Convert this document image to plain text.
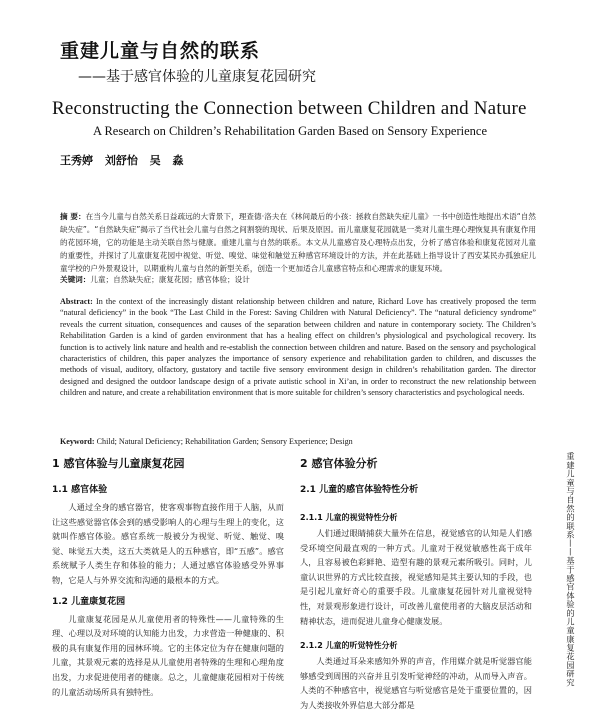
重建儿童与自然的联系
——基于感官体验的儿童康复花园研究
Reconstructing the Connection between Children and Nature
A Research on Children’s Rehabilitation Garden Based on Sensory Experience
王秀婷 刘舒怡 吴 淼
摘 要：在当今儿童与自然关系日益疏远的大背景下，理查德·洛夫在《林间最后的小孩：拯救自然缺失症儿童》一书中创造性地提出术语“自然缺失症”。“自然缺失症”揭示了当代社会儿童与自然之间割裂的现状、后果及原因。而儿童康复花园就是一类对儿童生理心理恢复具有康复作用的花园环境，它的功能是主动关联自然与健康。重建儿童与自然的联系。本文从儿童感官及心理特点出发，分析了感官体验和康复花园对儿童的重要性，并探讨了儿童康复花园中视觉、听觉、嗅觉、味觉和触觉五种感官环境设计的方法，并在此基础上指导设计了西安某民办孤独症儿童学校的户外景观设计，以期重构儿童与自然的新型关系，创造一个更加适合儿童感官特点和心理需求的康复环境。
关键词：儿童；自然缺失症；康复花园；感官体验；设计
Abstract: In the context of the increasingly distant relationship between children and nature, Richard Love has creatively proposed the term “natural deficiency” in the book “The Last Child in the Forest: Saving Children with Natural Deficiency”. The “natural deficiency syndrome” reveals the current situation, consequences and causes of the separation between children and nature in contemporary society. The Children’s Rehabilitation Garden is a kind of garden environment that has a healing effect on children’s physiological and psychological recovery. Its function is to actively link nature and health and re-establish the connection between children and nature. Based on the sensory and psychological characteristics of children, this paper analyzes the importance of sensory experience and rehabilitation garden to children, and discusses the methods of visual, auditory, olfactory, gustatory and tactile five sensory environment design in children’s rehabilitation garden. The director designed and designed the outdoor landscape design of a private autistic school in Xi’an, in order to reconstruct the new relationship between children and nature, and create a rehabilitation environment that is more suitable for children’s sensory characteristics and psychological needs.
Keyword: Child; Natural Deficiency; Rehabilitation Garden; Sensory Experience; Design
1 感官体验与儿童康复花园
1.1 感官体验

人通过全身的感官器官，使客观事物直接作用于人脑，从而让这些感觉器官体会到的感受影响人的心理与生理上的变化，这就叫作感官体验。感官系统一般被分为视觉、听觉、触觉、嗅觉、味觉五大类，这五大类就是人的五种感官，即“五感”。感官系统赋予人类生存和体验的能力；人通过感官体验感受外界事物，它是人与外界交流和沟通的最根本的方式。

1.2 儿童康复花园

儿童康复花园是从儿童使用者的特殊性——儿童特殊的生理、心理以及对环境的认知能力出发，力求营造一种健康的、积极的具有康复作用的园林环境。它的主体定位为存在健康问题的儿童，其景观元素的选择是从儿童使用者特殊的生理和心理角度出发，力求促进使用者的健康。总之，儿童健康花园相对于传统的儿童活动场所具有独特性。

2 感官体验分析
2.1 儿童的感官体验特性分析
2.1.1 儿童的视觉特性分析

人们通过眼睛捕获大量外在信息，视觉感官的认知是人们感受环境空间最直观的一种方式。儿童对于视觉敏感性高于成年人，且容易被色彩鲜艳、造型有趣的景观元素所吸引。同时，儿童认识世界的方式比较直接，视觉感知是其主要认知的手段，也是引起儿童好奇心的重要手段。儿童康复花园针对儿童视觉特性，对景观形象进行设计，可改善儿童使用者的大脑皮层活动和精神状态，进而促进儿童身心健康发展。

2.1.2 儿童的听觉特性分析

人类通过耳朵来感知外界的声音，作用媒介就是听觉器官能够感受到周围的兴奋并且引发听觉神经的冲动，从而导入声音。人类的不种感官中，视觉感官与听觉感官是处于重要位置的，因为人类接收外界信息大部分都是

重建儿童与自然的联系——基于感官体验的儿童康复花园研究
